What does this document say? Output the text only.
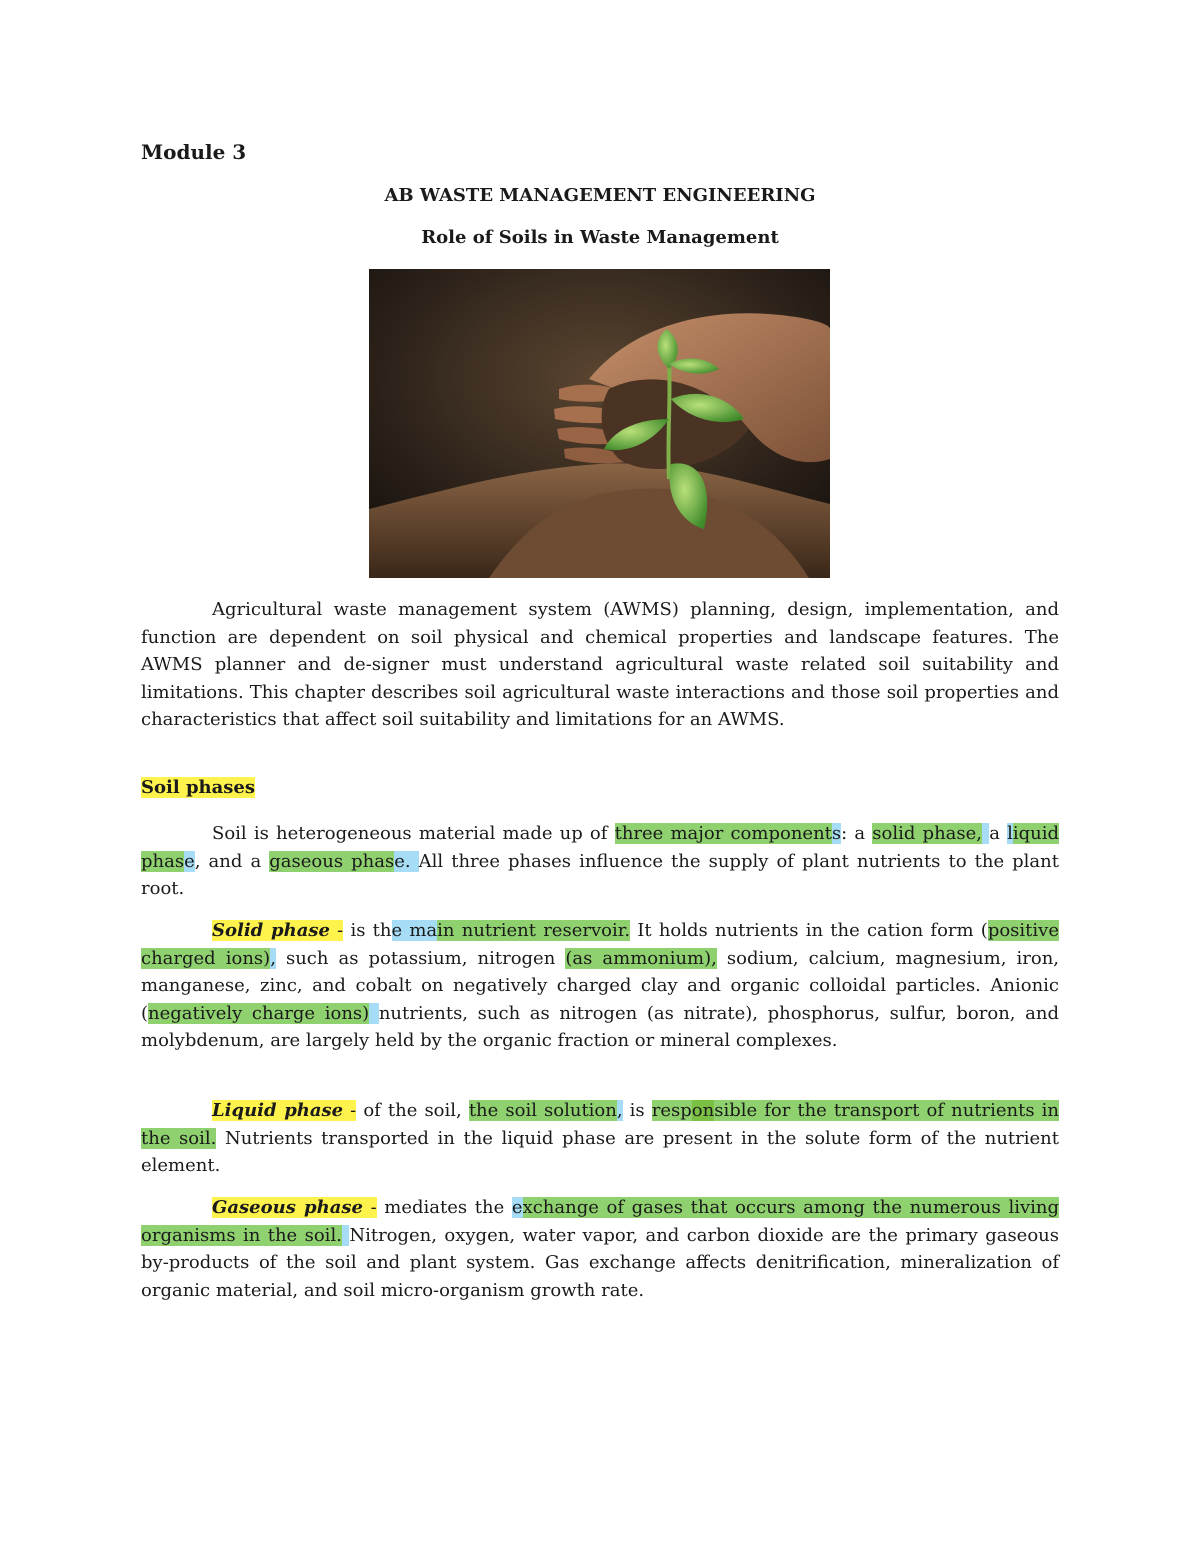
Module 3
AB WASTE MANAGEMENT ENGINEERING
Role of Soils in Waste Management

Agricultural waste management system (AWMS) planning, design, implementation, and function are dependent on soil physical and chemical properties and landscape features. The AWMS planner and de-signer must understand agricultural waste related soil suitability and limitations. This chapter describes soil agricultural waste interactions and those soil properties and characteristics that affect soil suitability and limitations for an AWMS.

Soil phases

Soil is heterogeneous material made up of three major components: a solid phase, a liquid phase, and a gaseous phase. All three phases influence the supply of plant nutrients to the plant root.

Solid phase - is the main nutrient reservoir. It holds nutrients in the cation form (positive charged ions), such as potassium, nitrogen (as ammonium), sodium, calcium, magnesium, iron, manganese, zinc, and cobalt on negatively charged clay and organic colloidal particles. Anionic (negatively charge ions) nutrients, such as nitrogen (as nitrate), phosphorus, sulfur, boron, and molybdenum, are largely held by the organic fraction or mineral complexes.

Liquid phase - of the soil, the soil solution, is responsible for the transport of nutrients in the soil. Nutrients transported in the liquid phase are present in the solute form of the nutrient element.

Gaseous phase - mediates the exchange of gases that occurs among the numerous living organisms in the soil. Nitrogen, oxygen, water vapor, and carbon dioxide are the primary gaseous by-products of the soil and plant system. Gas exchange affects denitrification, mineralization of organic material, and soil micro-organism growth rate.
